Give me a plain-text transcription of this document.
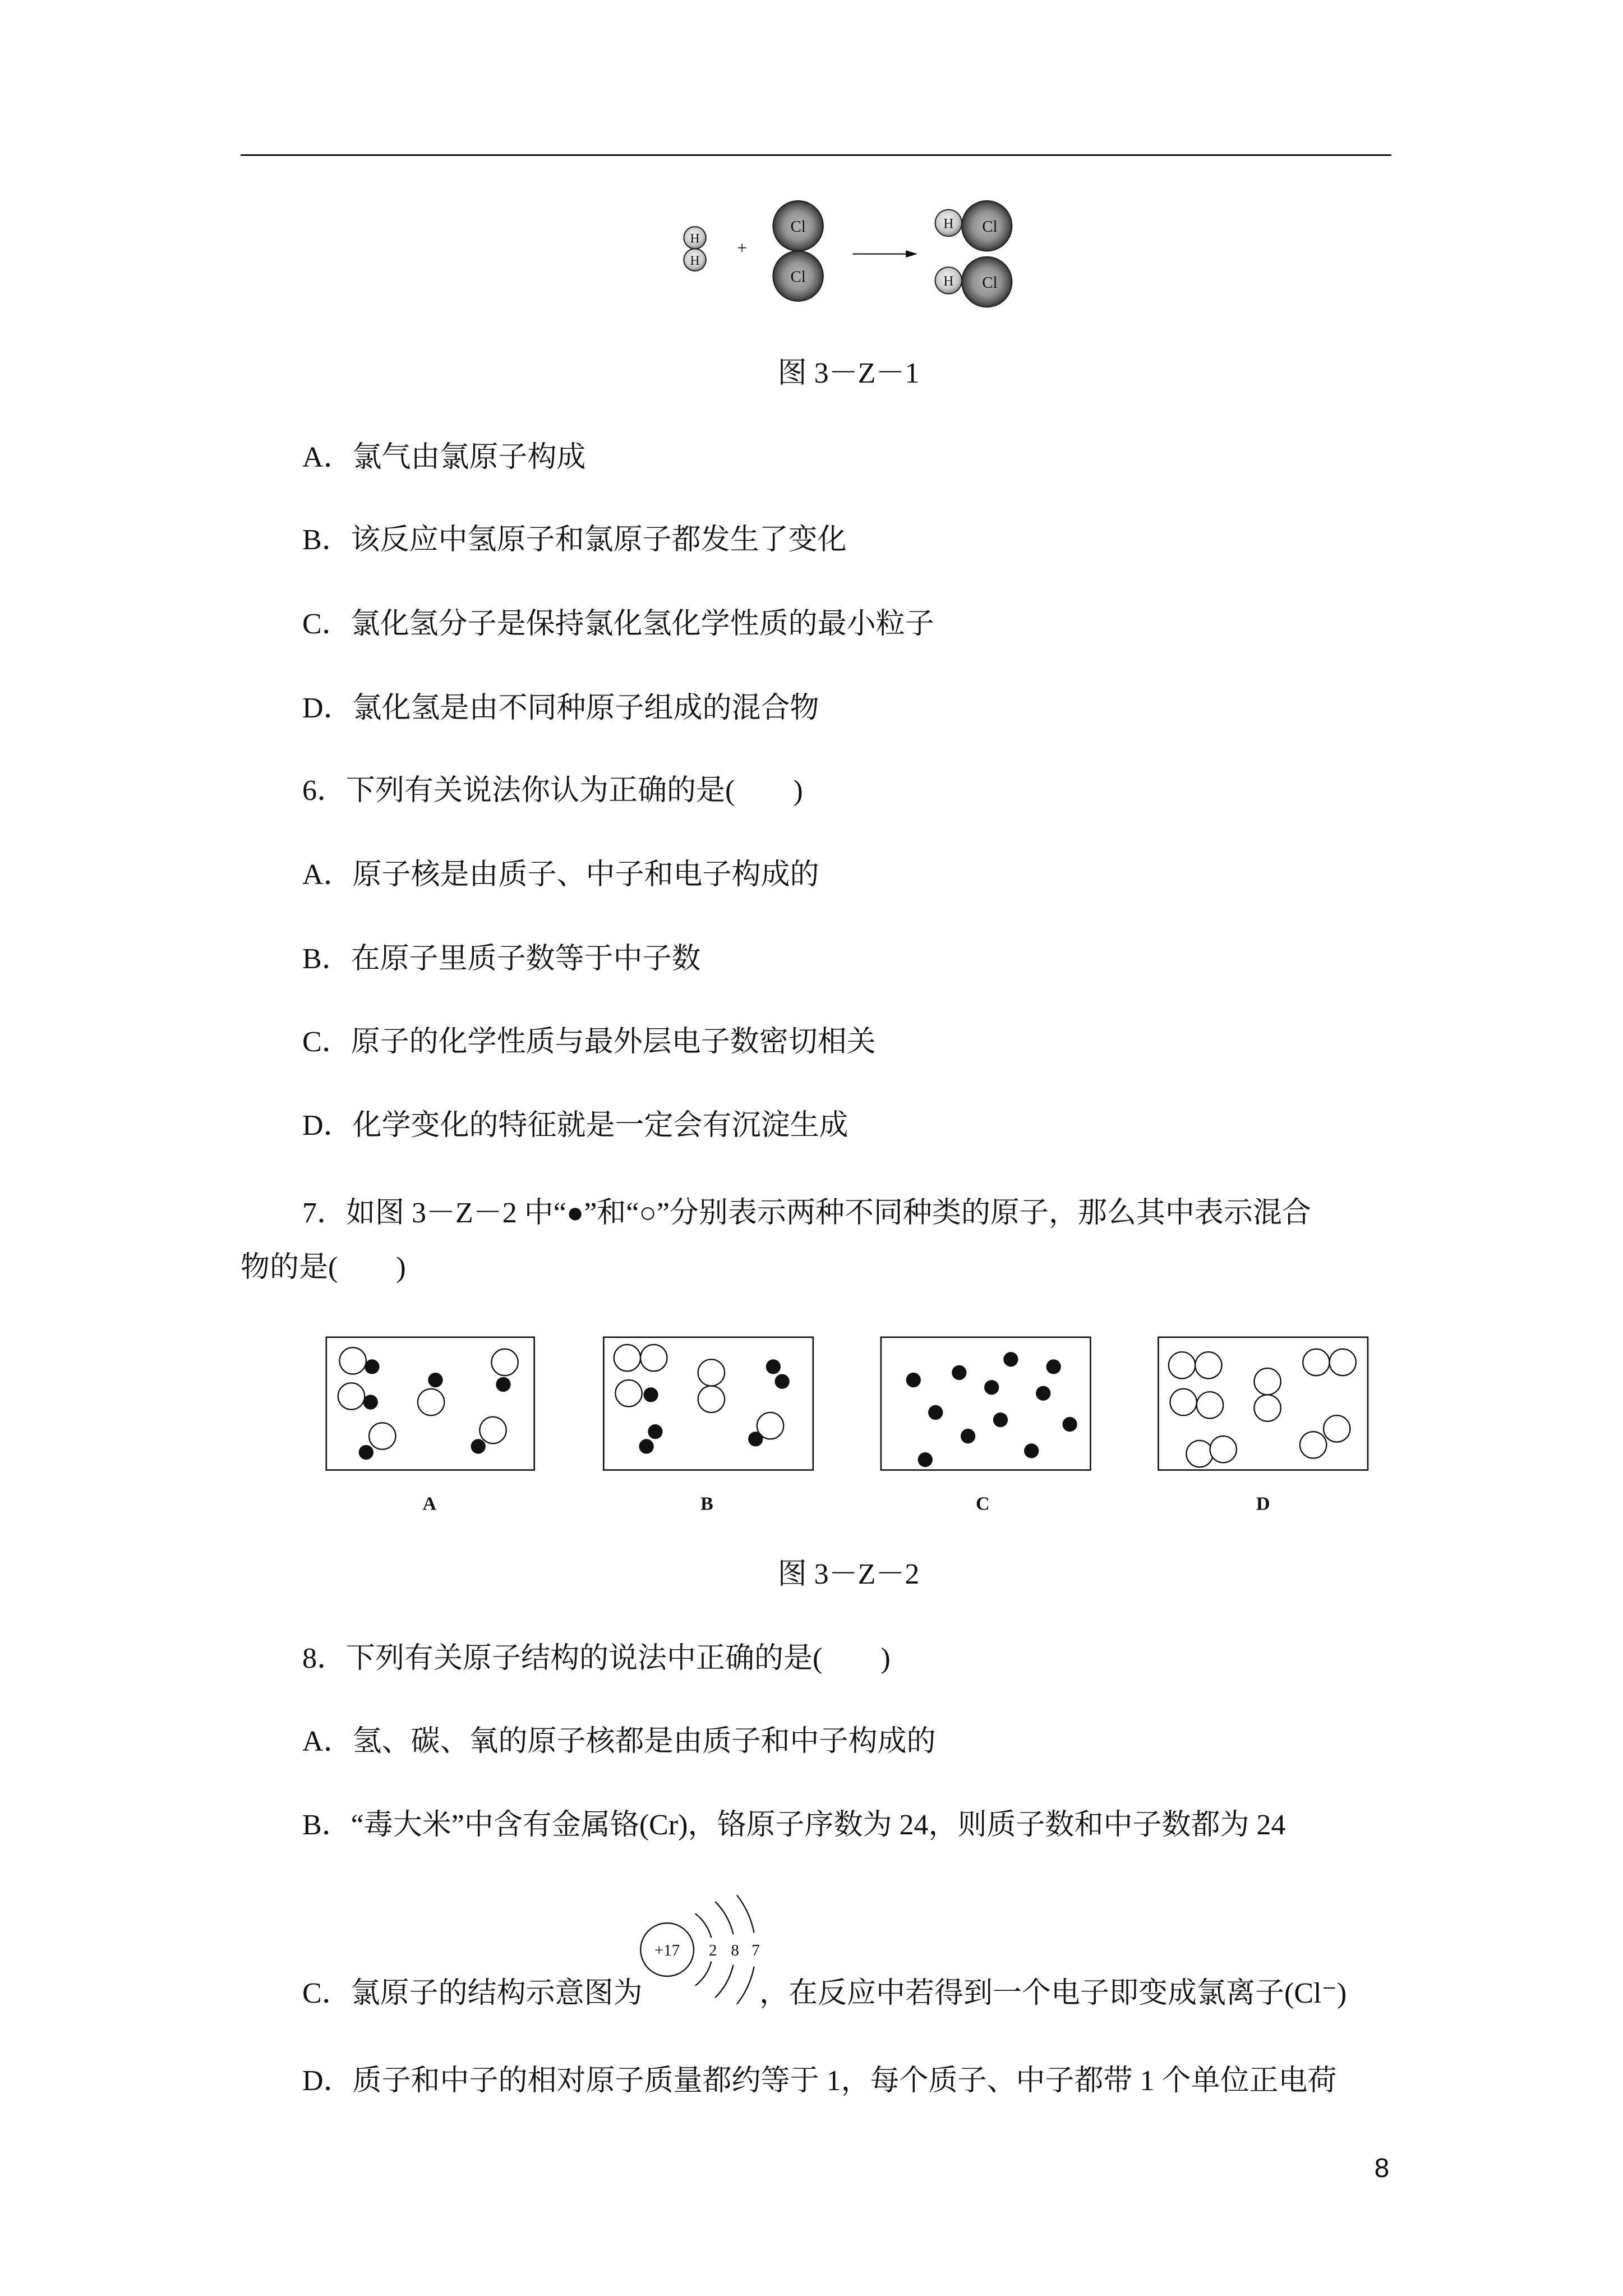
H
H
+
Cl
Cl
Cl
H
Cl
H
图 3－Z－1
A．氯气由氯原子构成
B．该反应中氢原子和氯原子都发生了变化
C．氯化氢分子是保持氯化氢化学性质的最小粒子
D．氯化氢是由不同种原子组成的混合物
6．下列有关说法你认为正确的是(　　)
A．原子核是由质子、中子和电子构成的
B．在原子里质子数等于中子数
C．原子的化学性质与最外层电子数密切相关
D．化学变化的特征就是一定会有沉淀生成
7．如图 3－Z－2 中“●”和“○”分别表示两种不同种类的原子，那么其中表示混合
物的是(　　)
A	B	C	D
图 3－Z－2
8．下列有关原子结构的说法中正确的是(　　)
A．氢、碳、氧的原子核都是由质子和中子构成的
B．“毒大米”中含有金属铬(Cr)，铬原子序数为 24，则质子数和中子数都为 24
C．氯原子的结构示意图为
+17	2 8 7
，在反应中若得到一个电子即变成氯离子(Cl⁻)
D．质子和中子的相对原子质量都约等于 1，每个质子、中子都带 1 个单位正电荷
8
